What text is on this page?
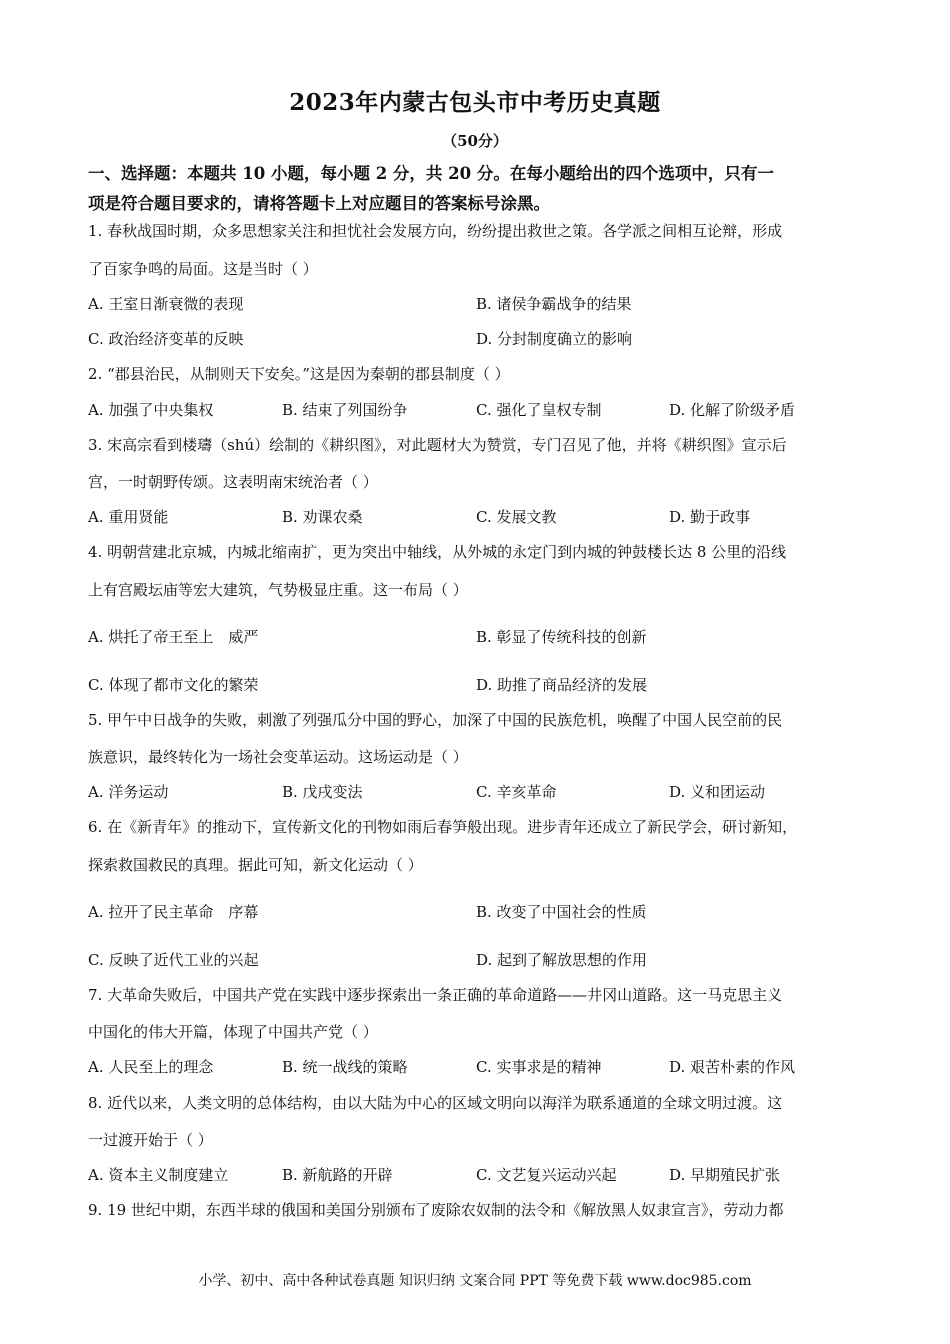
2023年内蒙古包头市中考历史真题
（50分）
一、选择题：本题共 10 小题，每小题 2 分，共 20 分。在每小题给出的四个选项中，只有一
项是符合题目要求的，请将答题卡上对应题目的答案标号涂黑。
1. 春秋战国时期，众多思想家关注和担忧社会发展方向，纷纷提出救世之策。各学派之间相互论辩，形成
了百家争鸣的局面。这是当时（ ）
A. 王室日渐衰微的表现	B. 诸侯争霸战争的结果
C. 政治经济变革的反映	D. 分封制度确立的影响
2. “郡县治民，从制则天下安矣。”这是因为秦朝的郡县制度（ ）
A. 加强了中央集权	B. 结束了列国纷争	C. 强化了皇权专制	D. 化解了阶级矛盾
3. 宋高宗看到楼璹（shú）绘制的《耕织图》，对此题材大为赞赏，专门召见了他，并将《耕织图》宣示后
宫，一时朝野传颂。这表明南宋统治者（ ）
A. 重用贤能	B. 劝课农桑	C. 发展文教	D. 勤于政事
4. 明朝营建北京城，内城北缩南扩，更为突出中轴线，从外城的永定门到内城的钟鼓楼长达 8 公里的沿线
上有宫殿坛庙等宏大建筑，气势极显庄重。这一布局（ ）
A. 烘托了帝王至上　威严	B. 彰显了传统科技的创新
C. 体现了都市文化的繁荣	D. 助推了商品经济的发展
5. 甲午中日战争的失败，刺激了列强瓜分中国的野心，加深了中国的民族危机，唤醒了中国人民空前的民
族意识，最终转化为一场社会变革运动。这场运动是（ ）
A. 洋务运动	B. 戊戌变法	C. 辛亥革命	D. 义和团运动
6. 在《新青年》的推动下，宣传新文化的刊物如雨后春笋般出现。进步青年还成立了新民学会，研讨新知，
探索救国救民的真理。据此可知，新文化运动（ ）
A. 拉开了民主革命　序幕	B. 改变了中国社会的性质
C. 反映了近代工业的兴起	D. 起到了解放思想的作用
7. 大革命失败后，中国共产党在实践中逐步探索出一条正确的革命道路——井冈山道路。这一马克思主义
中国化的伟大开篇，体现了中国共产党（ ）
A. 人民至上的理念	B. 统一战线的策略	C. 实事求是的精神	D. 艰苦朴素的作风
8. 近代以来，人类文明的总体结构，由以大陆为中心的区域文明向以海洋为联系通道的全球文明过渡。这
一过渡开始于（ ）
A. 资本主义制度建立	B. 新航路的开辟	C. 文艺复兴运动兴起	D. 早期殖民扩张
9. 19 世纪中期，东西半球的俄国和美国分别颁布了废除农奴制的法令和《解放黑人奴隶宣言》，劳动力都
小学、初中、高中各种试卷真题 知识归纳 文案合同 PPT 等免费下载 www.doc985.com
